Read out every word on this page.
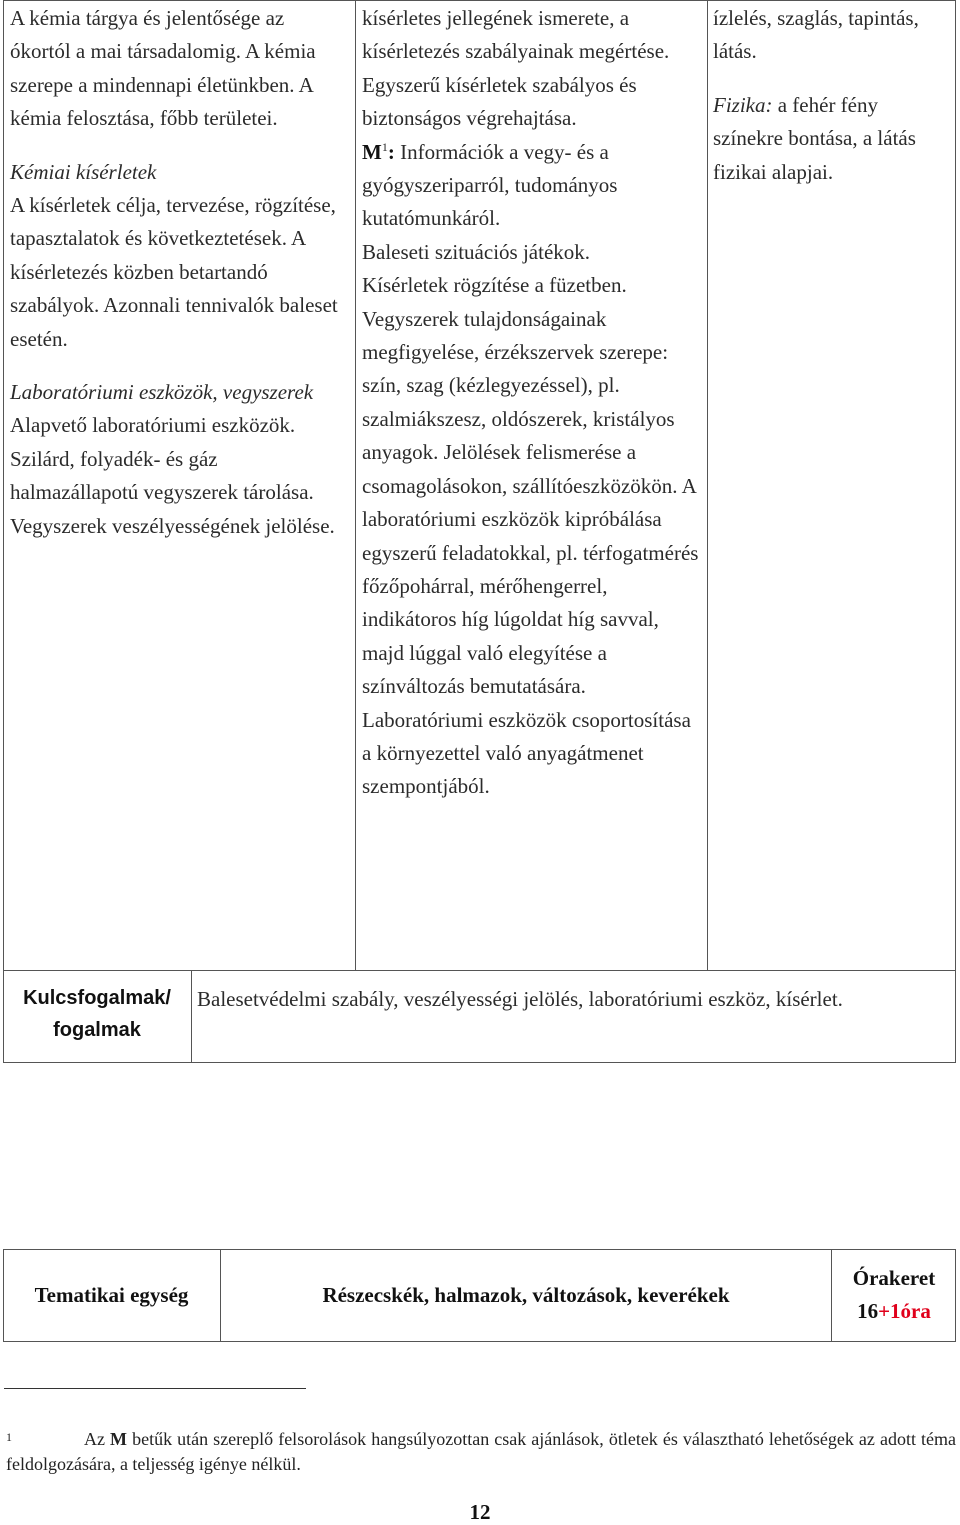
A kémia tárgya és jelentősége az ókortól a mai társadalomig. A kémia szerepe a mindennapi életünkben. A kémia felosztása, főbb területei.

Kémiai kísérletek

A kísérletek célja, tervezése, rögzítése, tapasztalatok és következtetések. A kísérletezés közben betartandó szabályok. Azonnali tennivalók baleset esetén.

Laboratóriumi eszközök, vegyszerek

Alapvető laboratóriumi eszközök. Szilárd, folyadék- és gáz halmazállapotú vegyszerek tárolása. Vegyszerek veszélyességének jelölése.

kísérletes jellegének ismerete, a kísérletezés szabályainak megértése. Egyszerű kísérletek szabályos és biztonságos végrehajtása.

$M^1$: Információk a vegy- és a gyógyszeriparról, tudományos kutatómunkáról.

Baleseti szituációs játékok.

Kísérletek rögzítése a füzetben.

Vegyszerek tulajdonságainak megfigyelése, érzékszervek szerepe: szín, szag (kézlegyezéssel), pl. szalmiákszesz, oldószerek, kristályos anyagok. Jelölések felismerése a csomagolásokon, szállítóeszközökön. A laboratóriumi eszközök kipróbálása egyszerű feladatokkal, pl. térfogatmérés főzőpohárral, mérőhengerrel, indikátoros híg lúgoldat híg savval, majd lúggal való elegyítése a színváltozás bemutatására. Laboratóriumi eszközök csoportosítása a környezettel való anyagátmenet szempontjából.

ízlelés, szaglás, tapintás, látás.

Fizika: a fehér fény színekre bontása, a látás fizikai alapjai.

Kulcsfogalmak/ fogalmak
Balesetvédelmi szabály, veszélyességi jelölés, laboratóriumi eszköz, kísérlet.
Tematikai egység	Részecskék, halmazok, változások, keverékek
Órakeret
16+1óra
1	Az M betűk után szereplő felsorolások hangsúlyozottan csak ajánlások, ötletek és választható lehetőségek az adott téma feldolgozására, a teljesség igénye nélkül.
12
